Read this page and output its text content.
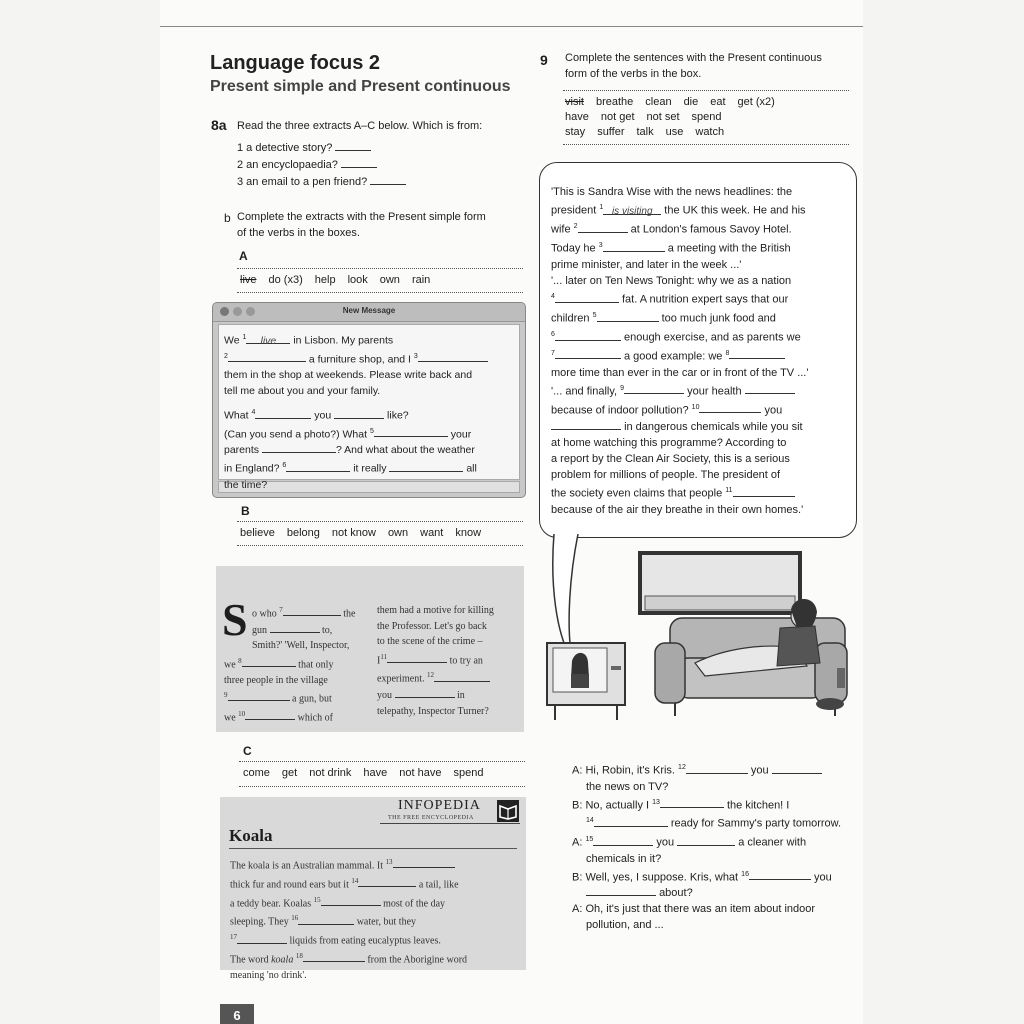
Language focus 2
Present simple and Present continuous
8a Read the three extracts A–C below. Which is from:
1 a detective story?
2 an encyclopaedia?
3 an email to a pen friend?
b Complete the extracts with the Present simple form
of the verbs in the boxes.
A
live do (x3) help look own rain
New Message
We $^1$ live in Lisbon. My parents
$^2$	a furniture shop, and I $^3$
them in the shop at weekends. Please write back and
tell me about you and your family.
What $^4$	you	like?
(Can you send a photo?) What $^5$	your
parents	? And what about the weather
in England? $^6$	it really	all
the time?
B
believe belong not know own want know
S o who $^7$	the
gun	to,
Smith?' 'Well, Inspector,
we $^8$	that only
three people in the village
$^9$	a gun, but
we $^{10}$	which of
them had a motive for killing
the Professor. Let's go back
to the scene of the crime –
$I^{11}$	to try an
experiment. $^{12}$
you	in
telepathy, Inspector Turner?
C
come get not drink have not have spend
INFOPEDIA
THE FREE ENCYCLOPEDIA
Koala
The koala is an Australian mammal. It $^{13}$
thick fur and round ears but it $^{14}$	a tail, like
a teddy bear. Koalas $^{15}$	most of the day
sleeping. They $^{16}$	water, but they
$^{17}$	liquids from eating eucalyptus leaves.
The word koala $^{18}$	from the Aborigine word
meaning 'no drink'.
6
9 Complete the sentences with the Present continuous
form of the verbs in the box.
visit breathe clean die eat get (x2)
have not get not set spend
stay suffer talk use watch
'This is Sandra Wise with the news headlines: the
president $^1$ is visiting the UK this week. He and his
wife $^2$	at London's famous Savoy Hotel.
Today he $^3$	a meeting with the British
prime minister, and later in the week ...'
'... later on Ten News Tonight: why we as a nation
$^4$	fat. A nutrition expert says that our
children $^5$	too much junk food and
$^6$	enough exercise, and as parents we
$^7$	a good example: we $^8$
more time than ever in the car or in front of the TV ...'
'... and finally, $^9$	your health
because of indoor pollution? $^{10}$	you
in dangerous chemicals while you sit
at home watching this programme? According to
a report by the Clean Air Society, this is a serious
problem for millions of people. The president of
the society even claims that people $^{11}$
because of the air they breathe in their own homes.'
A: Hi, Robin, it's Kris. $^{12}$	you
the news on TV?
B: No, actually I $^{13}$	the kitchen! I
$^{14}$	ready for Sammy's party tomorrow.
A: $^{15}$	you	a cleaner with
chemicals in it?
B: Well, yes, I suppose. Kris, what $^{16}$	you
about?
A: Oh, it's just that there was an item about indoor
pollution, and ...
